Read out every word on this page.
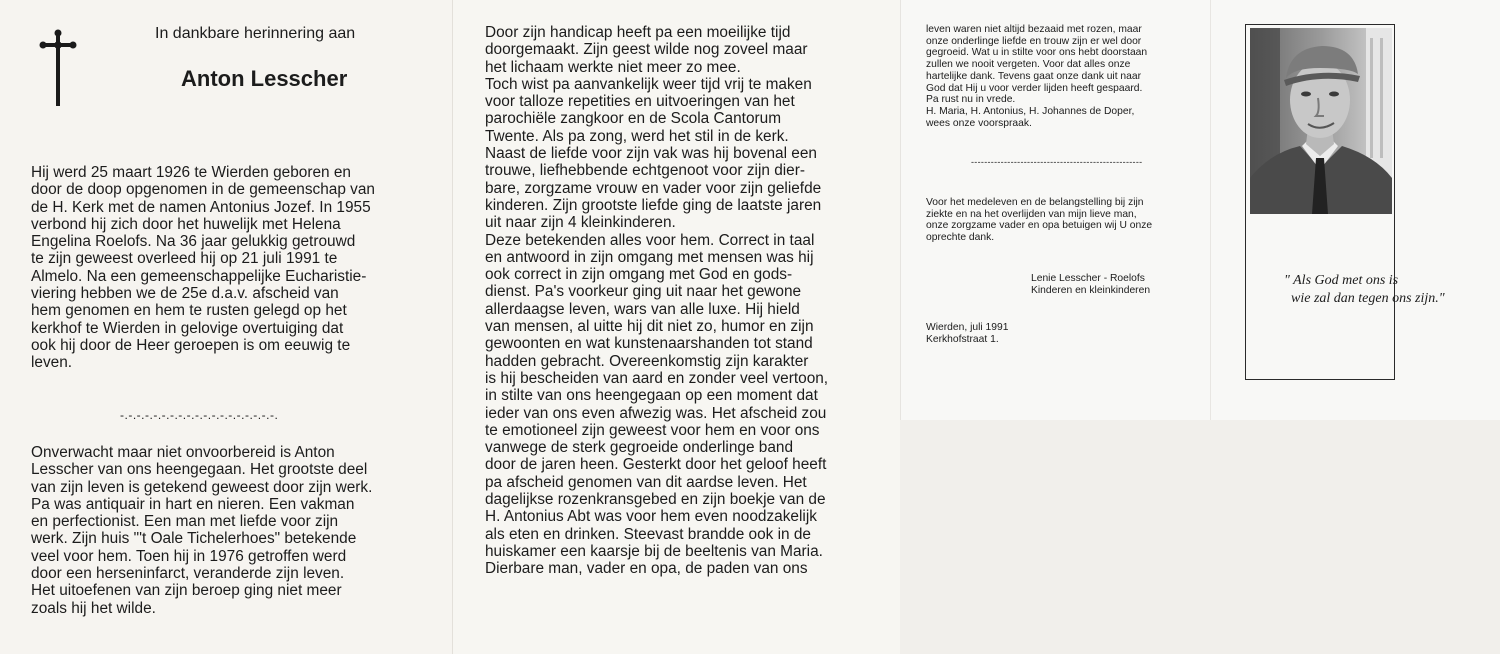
In dankbare herinnering aan
Anton Lesscher
Hij werd 25 maart 1926 te Wierden geboren en
door de doop opgenomen in de gemeenschap van
de H. Kerk met de namen Antonius Jozef. In 1955
verbond hij zich door het huwelijk met Helena
Engelina Roelofs. Na 36 jaar gelukkig getrouwd
te zijn geweest overleed hij op 21 juli 1991 te
Almelo. Na een gemeenschappelijke Eucharistie-
viering hebben we de 25e d.a.v. afscheid van
hem genomen en hem te rusten gelegd op het
kerkhof te Wierden in gelovige overtuiging dat
ook hij door de Heer geroepen is om eeuwig te
leven.
-.-.-.-.-.-.-.-.-.-.-.-.-.-.-.-.-.-.-.
Onverwacht maar niet onvoorbereid is Anton
Lesscher van ons heengegaan. Het grootste deel
van zijn leven is getekend geweest door zijn werk.
Pa was antiquair in hart en nieren. Een vakman
en perfectionist. Een man met liefde voor zijn
werk. Zijn huis "'t Oale Tichelerhoes" betekende
veel voor hem. Toen hij in 1976 getroffen werd
door een herseninfarct, veranderde zijn leven.
Het uitoefenen van zijn beroep ging niet meer
zoals hij het wilde.
Door zijn handicap heeft pa een moeilijke tijd
doorgemaakt. Zijn geest wilde nog zoveel maar
het lichaam werkte niet meer zo mee.
Toch wist pa aanvankelijk weer tijd vrij te maken
voor talloze repetities en uitvoeringen van het
parochiële zangkoor en de Scola Cantorum
Twente. Als pa zong, werd het stil in de kerk.
Naast de liefde voor zijn vak was hij bovenal een
trouwe, liefhebbende echtgenoot voor zijn dier-
bare, zorgzame vrouw en vader voor zijn geliefde
kinderen. Zijn grootste liefde ging de laatste jaren
uit naar zijn 4 kleinkinderen.
Deze betekenden alles voor hem. Correct in taal
en antwoord in zijn omgang met mensen was hij
ook correct in zijn omgang met God en gods-
dienst. Pa's voorkeur ging uit naar het gewone
allerdaagse leven, wars van alle luxe. Hij hield
van mensen, al uitte hij dit niet zo, humor en zijn
gewoonten en wat kunstenaarshanden tot stand
hadden gebracht. Overeenkomstig zijn karakter
is hij bescheiden van aard en zonder veel vertoon,
in stilte van ons heengegaan op een moment dat
ieder van ons even afwezig was. Het afscheid zou
te emotioneel zijn geweest voor hem en voor ons
vanwege de sterk gegroeide onderlinge band
door de jaren heen. Gesterkt door het geloof heeft
pa afscheid genomen van dit aardse leven. Het
dagelijkse rozenkransgebed en zijn boekje van de
H. Antonius Abt was voor hem even noodzakelijk
als eten en drinken. Steevast brandde ook in de
huiskamer een kaarsje bij de beeltenis van Maria.
Dierbare man, vader en opa, de paden van ons
leven waren niet altijd bezaaid met rozen, maar
onze onderlinge liefde en trouw zijn er wel door
gegroeid. Wat u in stilte voor ons hebt doorstaan
zullen we nooit vergeten. Voor dat alles onze
hartelijke dank. Tevens gaat onze dank uit naar
God dat Hij u voor verder lijden heeft gespaard.
Pa rust nu in vrede.
H. Maria, H. Antonius, H. Johannes de Doper,
wees onze voorspraak.
----------------------------------------------------
Voor het medeleven en de belangstelling bij zijn
ziekte en na het overlijden van mijn lieve man,
onze zorgzame vader en opa betuigen wij U onze
oprechte dank.
Lenie Lesscher - Roelofs
Kinderen en kleinkinderen
Wierden, juli 1991
Kerkhofstraat 1.
" Als God met ons is
wie zal dan tegen ons zijn."
